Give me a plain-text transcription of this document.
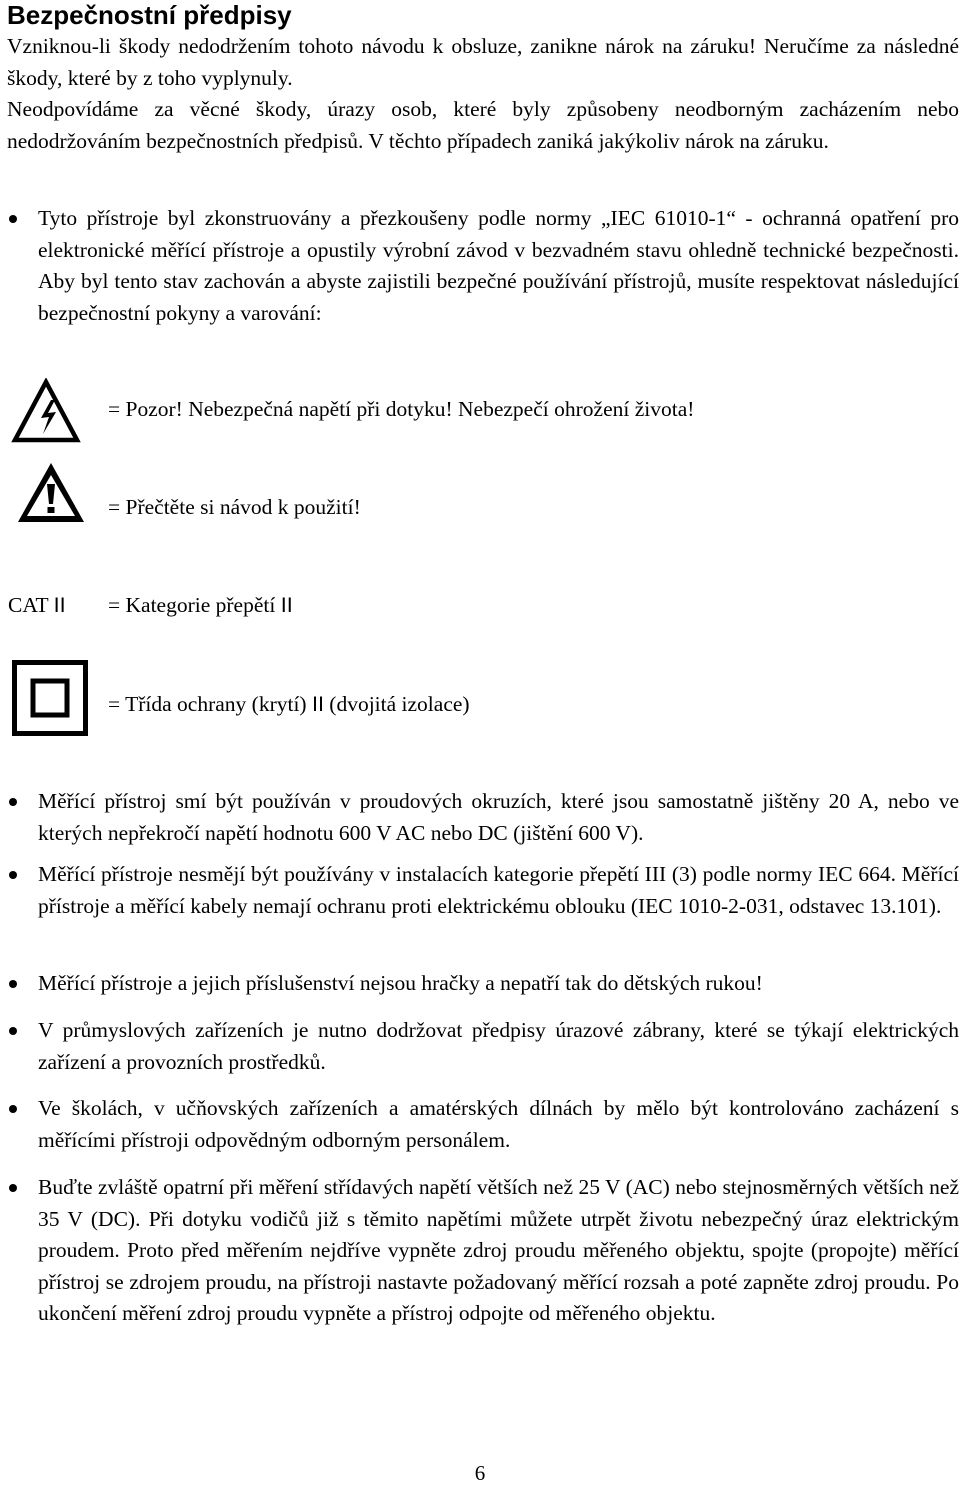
Bezpečnostní předpisy

Vzniknou-li škody nedodržením tohoto návodu k obsluze, zanikne nárok na záruku! Neručíme za následné škody, které by z toho vyplynuly.

Neodpovídáme za věcné škody, úrazy osob, které byly způsobeny neodborným zacházením nebo nedodržováním bezpečnostních předpisů. V těchto případech zaniká jakýkoliv nárok na záruku.

Tyto přístroje byl zkonstruovány a přezkoušeny podle normy „IEC 61010-1“ - ochranná opatření pro elektronické měřící přístroje a opustily výrobní závod v bezvadném stavu ohledně technické bezpečnosti. Aby byl tento stav zachován a abyste zajistili bezpečné používání přístrojů, musíte respektovat následující bezpečnostní pokyny a varování:
= Pozor! Nebezpečná napětí při dotyku! Nebezpečí ohrožení života!
= Přečtěte si návod k použití!
CAT II = Kategorie přepětí II
= Třída ochrany (krytí) II (dvojitá izolace)
Měřící přístroj smí být používán v proudových okruzích, které jsou samostatně jištěny 20 A, nebo ve kterých nepřekročí napětí hodnotu 600 V AC nebo DC (jištění 600 V).
Měřící přístroje nesmějí být používány v instalacích kategorie přepětí III (3) podle normy IEC 664. Měřící přístroje a měřící kabely nemají ochranu proti elektrickému oblouku (IEC 1010-2-031, odstavec 13.101).
Měřící přístroje a jejich příslušenství nejsou hračky a nepatří tak do dětských rukou!
V průmyslových zařízeních je nutno dodržovat předpisy úrazové zábrany, které se týkají elektrických zařízení a provozních prostředků.
Ve školách, v učňovských zařízeních a amatérských dílnách by mělo být kontrolováno zacházení s měřícími přístroji odpovědným odborným personálem.
Buďte zvláště opatrní při měření střídavých napětí větších než 25 V (AC) nebo stejnosměrných větších než 35 V (DC). Při dotyku vodičů již s těmito napětími můžete utrpět životu nebezpečný úraz elektrickým proudem. Proto před měřením nejdříve vypněte zdroj proudu měřeného objektu, spojte (propojte) měřící přístroj se zdrojem proudu, na přístroji nastavte požadovaný měřící rozsah a poté zapněte zdroj proudu. Po ukončení měření zdroj proudu vypněte a přístroj odpojte od měřeného objektu.
6
